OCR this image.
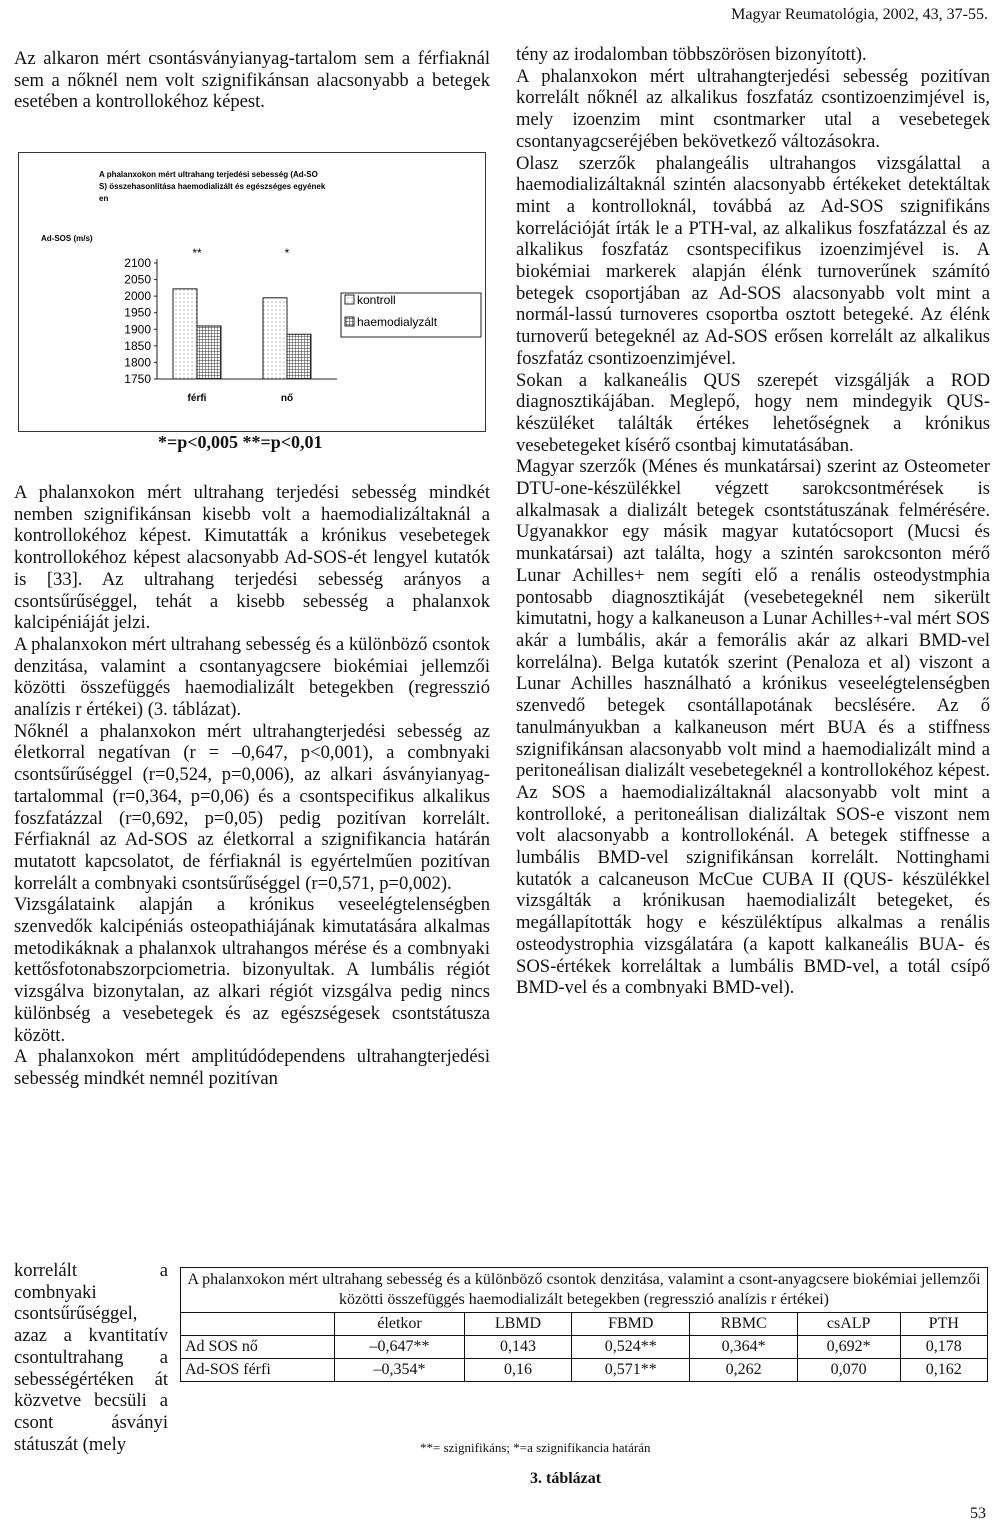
Magyar Reumatológia, 2002, 43, 37-55.

Az alkaron mért csontásványianyag-tartalom sem a férfiaknál sem a nőknél nem volt szignifikánsan alacsonyabb a betegek esetében a kontrollokéhoz képest.

A phalanxokon mért ultrahang terjedési sebesség (Ad-SO
S) összehasonlítása haemodializált és egészséges egyének
en
Ad-SOS (m/s)
2100
2050
2000
1950
1900
1850
1800
1750
férfi
**
nő
*
kontroll
haemodialyzált
*=p<0,005 **=p<0,01

A phalanxokon mért ultrahang terjedési sebesség mindkét nemben szignifikánsan kisebb volt a haemodializáltaknál a kontrollokéhoz képest. Kimutatták a krónikus vesebetegek kontrollokéhoz képest alacsonyabb Ad-SOS-ét lengyel kutatók is [33]. Az ultrahang terjedési sebesség arányos a csontsűrűséggel, tehát a kisebb sebesség a phalanxok kalcipéniáját jelzi.

A phalanxokon mért ultrahang sebesség és a különböző csontok denzitása, valamint a csontanyagcsere biokémiai jellemzői közötti összefüggés haemodializált betegekben (regresszió analízis r értékei) (3. táblázat).

Nőknél a phalanxokon mért ultrahangterjedési sebesség az életkorral negatívan (r = –0,647, p<0,001), a combnyaki csontsűrűséggel (r=0,524, p=0,006), az alkari ásványianyag-tartalommal (r=0,364, p=0,06) és a csontspecifikus alkalikus foszfatázzal (r=0,692, p=0,05) pedig pozitívan korrelált. Férfiaknál az Ad-SOS az életkorral a szignifikancia határán mutatott kapcsolatot, de férfiaknál is egyértelműen pozitívan korrelált a combnyaki csontsűrűséggel (r=0,571, p=0,002).

Vizsgálataink alapján a krónikus veseelégtelenségben szenvedők kalcipéniás osteopathiájának kimutatására alkalmas metodikáknak a phalanxok ultrahangos mérése és a combnyaki kettősfotonabszorpciometria. bizonyultak. A lumbális régiót vizsgálva bizonytalan, az alkari régiót vizsgálva pedig nincs különbség a vesebetegek és az egészségesek csontstátusza között.

A phalanxokon mért amplitúdódependens ultrahangterjedési sebesség mindkét nemnél pozitívan

korrelált a combnyaki csontsűrűséggel, azaz a kvantitatív csontultrahang a sebességértéken át közvetve becsüli a csont ásványi státuszát (mely

tény az irodalomban többszörösen bizonyított).

A phalanxokon mért ultrahangterjedési sebesség pozitívan korrelált nőknél az alkalikus foszfatáz csontizoenzimjével is, mely izoenzim mint csontmarker utal a vesebetegek csontanyagcseréjében bekövetkező változásokra.

Olasz szerzők phalangeális ultrahangos vizsgálattal a haemodializáltaknál szintén alacsonyabb értékeket detektáltak mint a kontrolloknál, továbbá az Ad-SOS szignifikáns korrelációját írták le a PTH-val, az alkalikus foszfatázzal és az alkalikus foszfatáz csontspecifikus izoenzimjével is. A biokémiai markerek alapján élénk turnoverűnek számító betegek csoportjában az Ad-SOS alacsonyabb volt mint a normál-lassú turnoveres csoportba osztott betegeké. Az élénk turnoverű betegeknél az Ad-SOS erősen korrelált az alkalikus foszfatáz csontizoenzimjével.

Sokan a kalkaneális QUS szerepét vizsgálják a ROD diagnosztikájában. Meglepő, hogy nem mindegyik QUS-készüléket találták értékes lehetőségnek a krónikus vesebetegeket kísérő csontbaj kimutatásában.

Magyar szerzők (Ménes és munkatársai) szerint az Osteometer DTU-one-készülékkel végzett sarokcsontmérések is alkalmasak a dializált betegek csontstátuszának felmérésére. Ugyanakkor egy másik magyar kutatócsoport (Mucsi és munkatársai) azt találta, hogy a szintén sarokcsonton mérő Lunar Achilles+ nem segíti elő a renális osteodystmphia pontosabb diagnosztikáját (vesebetegeknél nem sikerült kimutatni, hogy a kalkaneuson a Lunar Achilles+-val mért SOS akár a lumbális, akár a femorális akár az alkari BMD-vel korrelálna). Belga kutatók szerint (Penaloza et al) viszont a Lunar Achilles használható a krónikus veseelégtelenségben szenvedő betegek csontállapotának becslésére. Az ő tanulmányukban a kalkaneuson mért BUA és a stiffness szignifikánsan alacsonyabb volt mind a haemodializált mind a peritoneálisan dializált vesebetegeknél a kontrollokéhoz képest. Az SOS a haemodializáltaknál alacsonyabb volt mint a kontrolloké, a peritoneálisan dializáltak SOS-e viszont nem volt alacsonyabb a kontrollokénál. A betegek stiffnesse a lumbális BMD-vel szignifikánsan korrelált. Nottinghami kutatók a calcaneuson McCue CUBA II (QUS- készülékkel vizsgálták a krónikusan haemodializált betegeket, és megállapították hogy e készüléktípus alkalmas a renális osteodystrophia vizsgálatára (a kapott kalkaneális BUA- és SOS-értékek korreláltak a lumbális BMD-vel, a totál csípő BMD-vel és a combnyaki BMD-vel).

A phalanxokon mért ultrahang sebesség és a különböző csontok denzitása, valamint a csont-anyagcsere biokémiai jellemzői közötti összefüggés haemodializált betegekben (regresszió analízis r értékei)						
	életkor	LBMD	FBMD	RBMC	csALP	PTH
Ad SOS nő	–0,647**	0,143	0,524**	0,364*	0,692*	0,178
Ad-SOS férfi	–0,354*	0,16	0,571**	0,262	0,070	0,162
**= szignifikáns; *=a szignifikancia határán
3. táblázat
53
